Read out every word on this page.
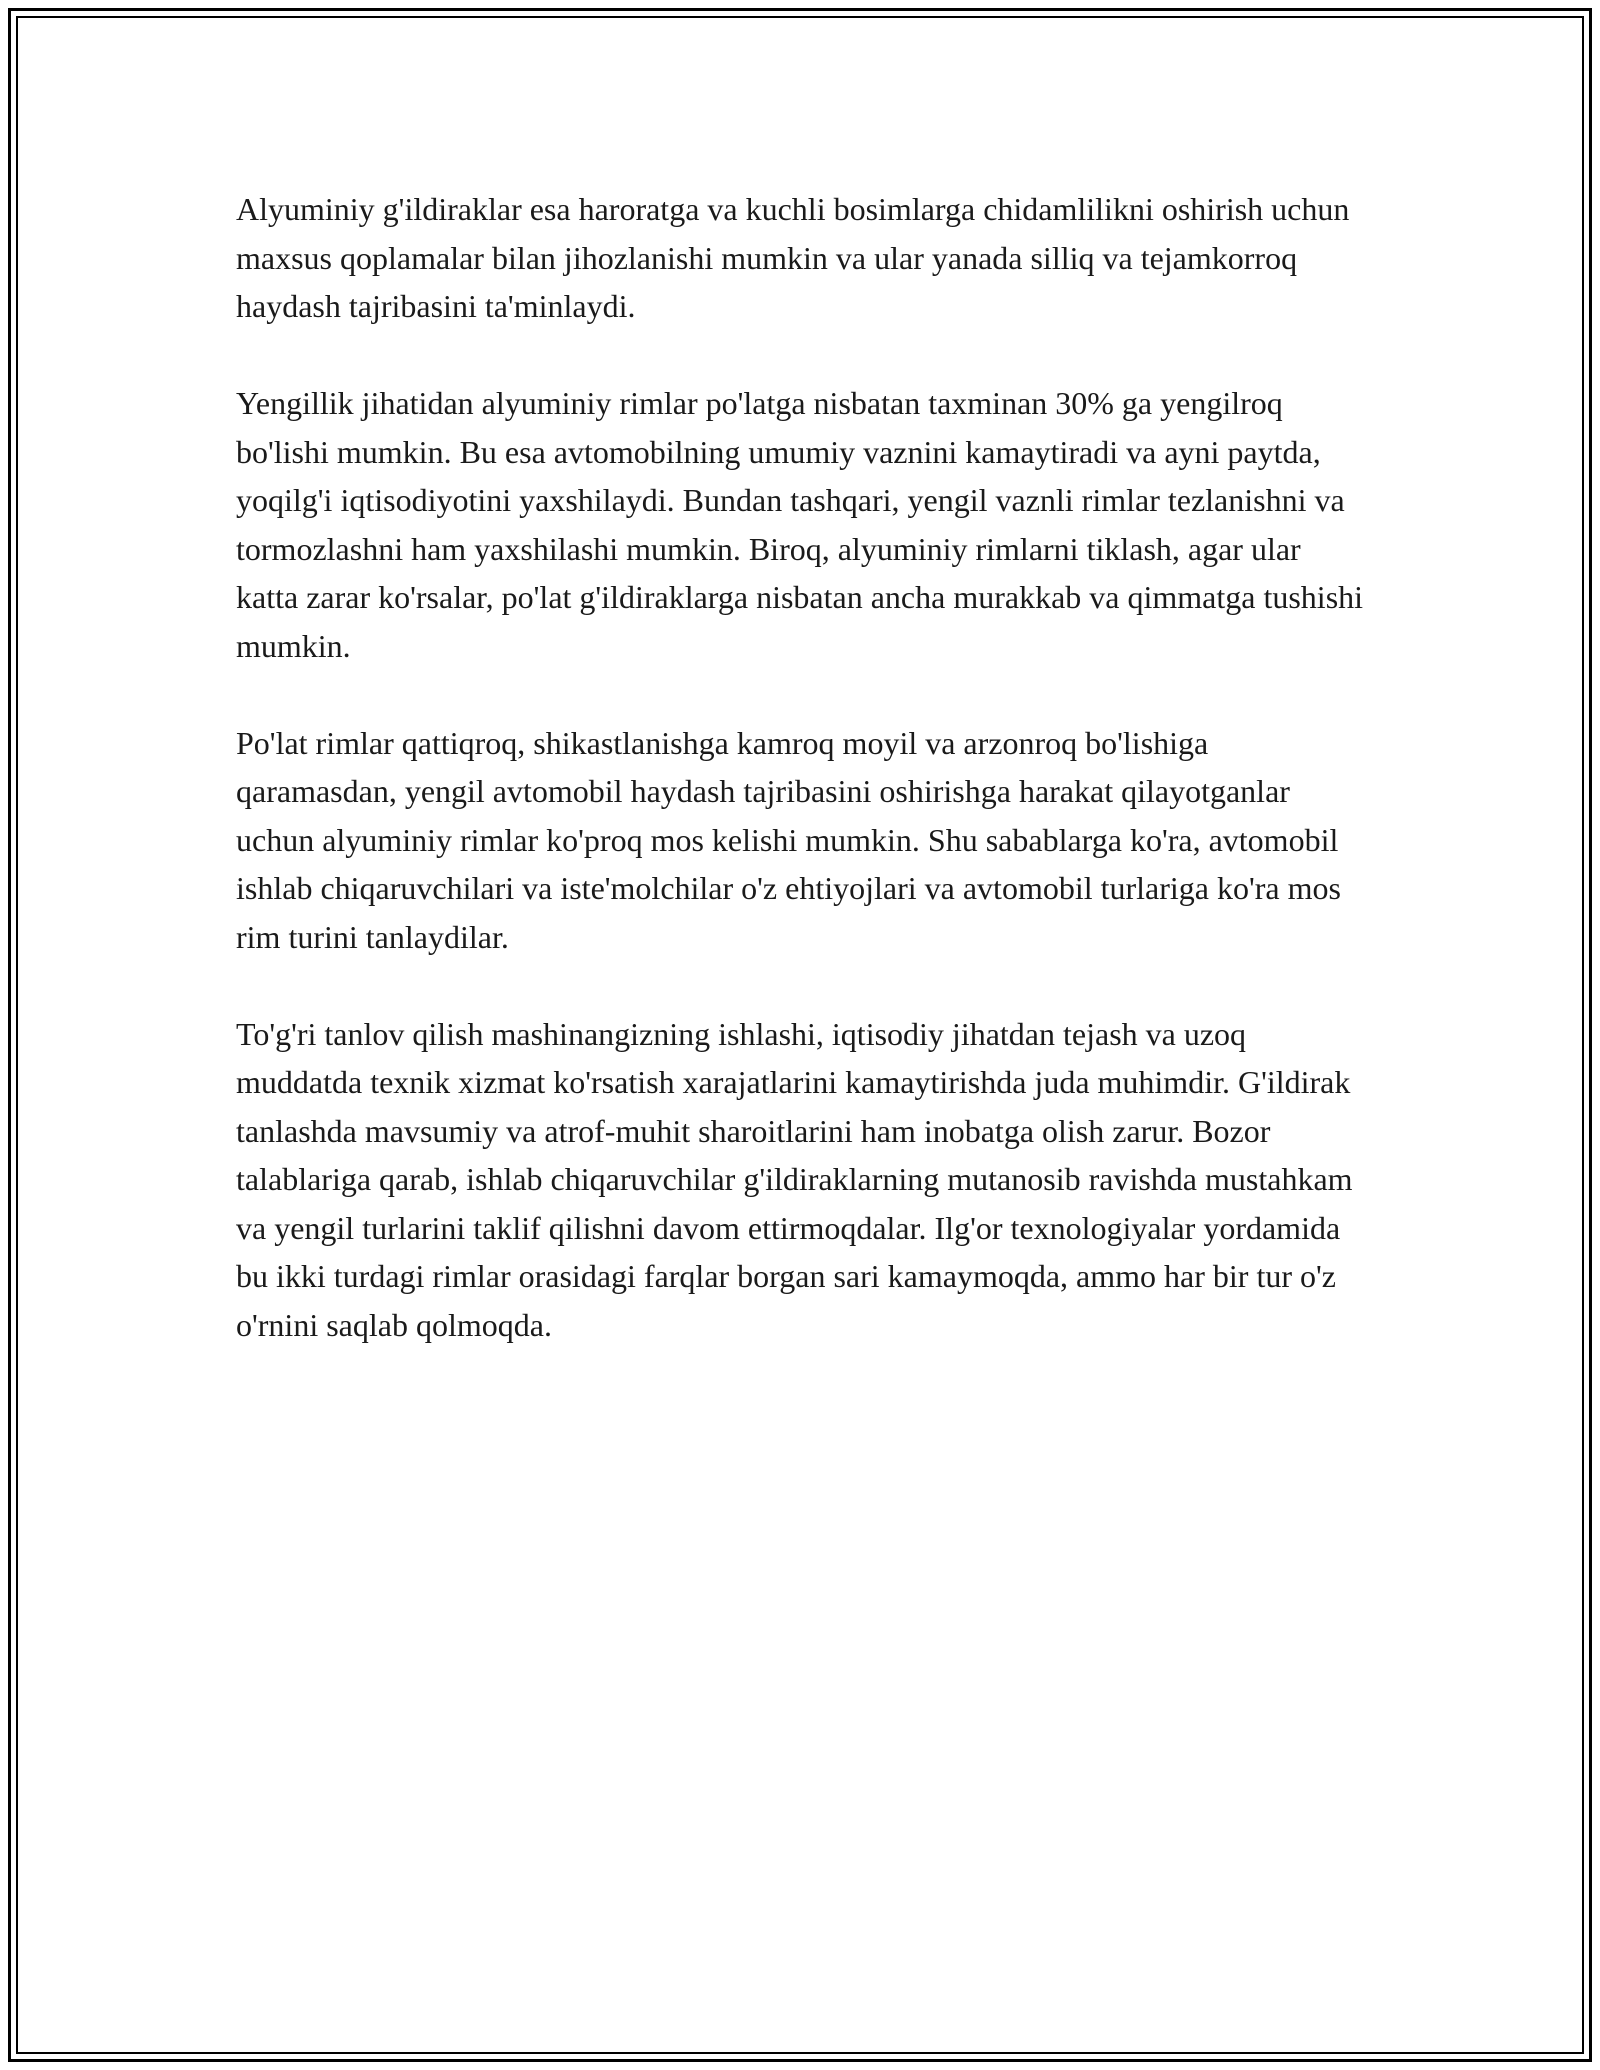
Alyuminiy g'ildiraklar esa haroratga va kuchli bosimlarga chidamlilikni oshirish uchun maxsus qoplamalar bilan jihozlanishi mumkin va ular yanada silliq va tejamkorroq haydash tajribasini ta'minlaydi.

Yengillik jihatidan alyuminiy rimlar po'latga nisbatan taxminan 30% ga yengilroq bo'lishi mumkin. Bu esa avtomobilning umumiy vaznini kamaytiradi va ayni paytda, yoqilg'i iqtisodiyotini yaxshilaydi. Bundan tashqari, yengil vaznli rimlar tezlanishni va tormozlashni ham yaxshilashi mumkin. Biroq, alyuminiy rimlarni tiklash, agar ular katta zarar ko'rsalar, po'lat g'ildiraklarga nisbatan ancha murakkab va qimmatga tushishi mumkin.

Po'lat rimlar qattiqroq, shikastlanishga kamroq moyil va arzonroq bo'lishiga qaramasdan, yengil avtomobil haydash tajribasini oshirishga harakat qilayotganlar uchun alyuminiy rimlar ko'proq mos kelishi mumkin. Shu sabablarga ko'ra, avtomobil ishlab chiqaruvchilari va iste'molchilar o'z ehtiyojlari va avtomobil turlariga ko'ra mos rim turini tanlaydilar.

To'g'ri tanlov qilish mashinangizning ishlashi, iqtisodiy jihatdan tejash va uzoq muddatda texnik xizmat ko'rsatish xarajatlarini kamaytirishda juda muhimdir. G'ildirak tanlashda mavsumiy va atrof-muhit sharoitlarini ham inobatga olish zarur. Bozor talablariga qarab, ishlab chiqaruvchilar g'ildiraklarning mutanosib ravishda mustahkam va yengil turlarini taklif qilishni davom ettirmoqdalar. Ilg'or texnologiyalar yordamida bu ikki turdagi rimlar orasidagi farqlar borgan sari kamaymoqda, ammo har bir tur o'z o'rnini saqlab qolmoqda.
